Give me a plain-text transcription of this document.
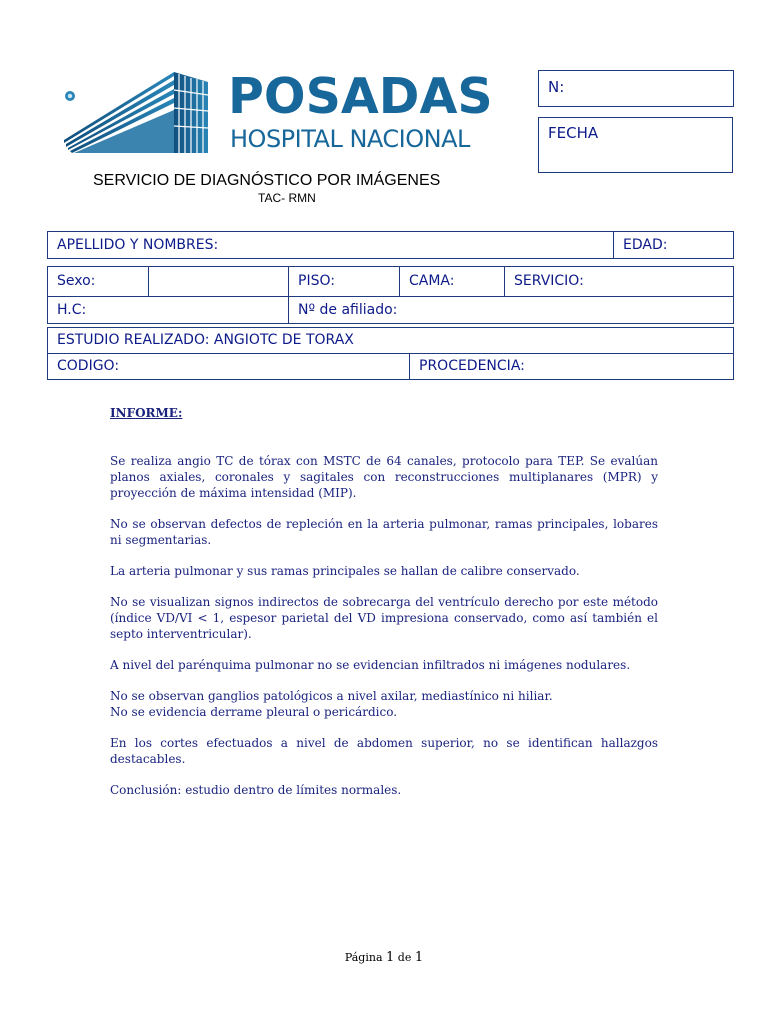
POSADAS
HOSPITAL NACIONAL
N:
FECHA
SERVICIO DE DIAGNÓSTICO POR IMÁGENES
TAC- RMN
APELLIDO Y NOMBRES:	EDAD:
Sexo:	PISO:	CAMA:	SERVICIO:
H.C:	Nº de afiliado:
ESTUDIO REALIZADO: ANGIOTC DE TORAX
CODIGO:	PROCEDENCIA:

INFORME:

Se realiza angio TC de tórax con MSTC de 64 canales, protocolo para TEP. Se evalúan planos axiales, coronales y sagitales con reconstrucciones multiplanares (MPR) y proyección de máxima intensidad (MIP).

No se observan defectos de repleción en la arteria pulmonar, ramas principales, lobares ni segmentarias.

La arteria pulmonar y sus ramas principales se hallan de calibre conservado.

No se visualizan signos indirectos de sobrecarga del ventrículo derecho por este método (índice VD/VI < 1, espesor parietal del VD impresiona conservado, como así también el septo interventricular).

A nivel del parénquima pulmonar no se evidencian infiltrados ni imágenes nodulares.

No se observan ganglios patológicos a nivel axilar, mediastínico ni hiliar.

No se evidencia derrame pleural o pericárdico.

En los cortes efectuados a nivel de abdomen superior, no se identifican hallazgos destacables.

Conclusión: estudio dentro de límites normales.

Página 1 de 1
